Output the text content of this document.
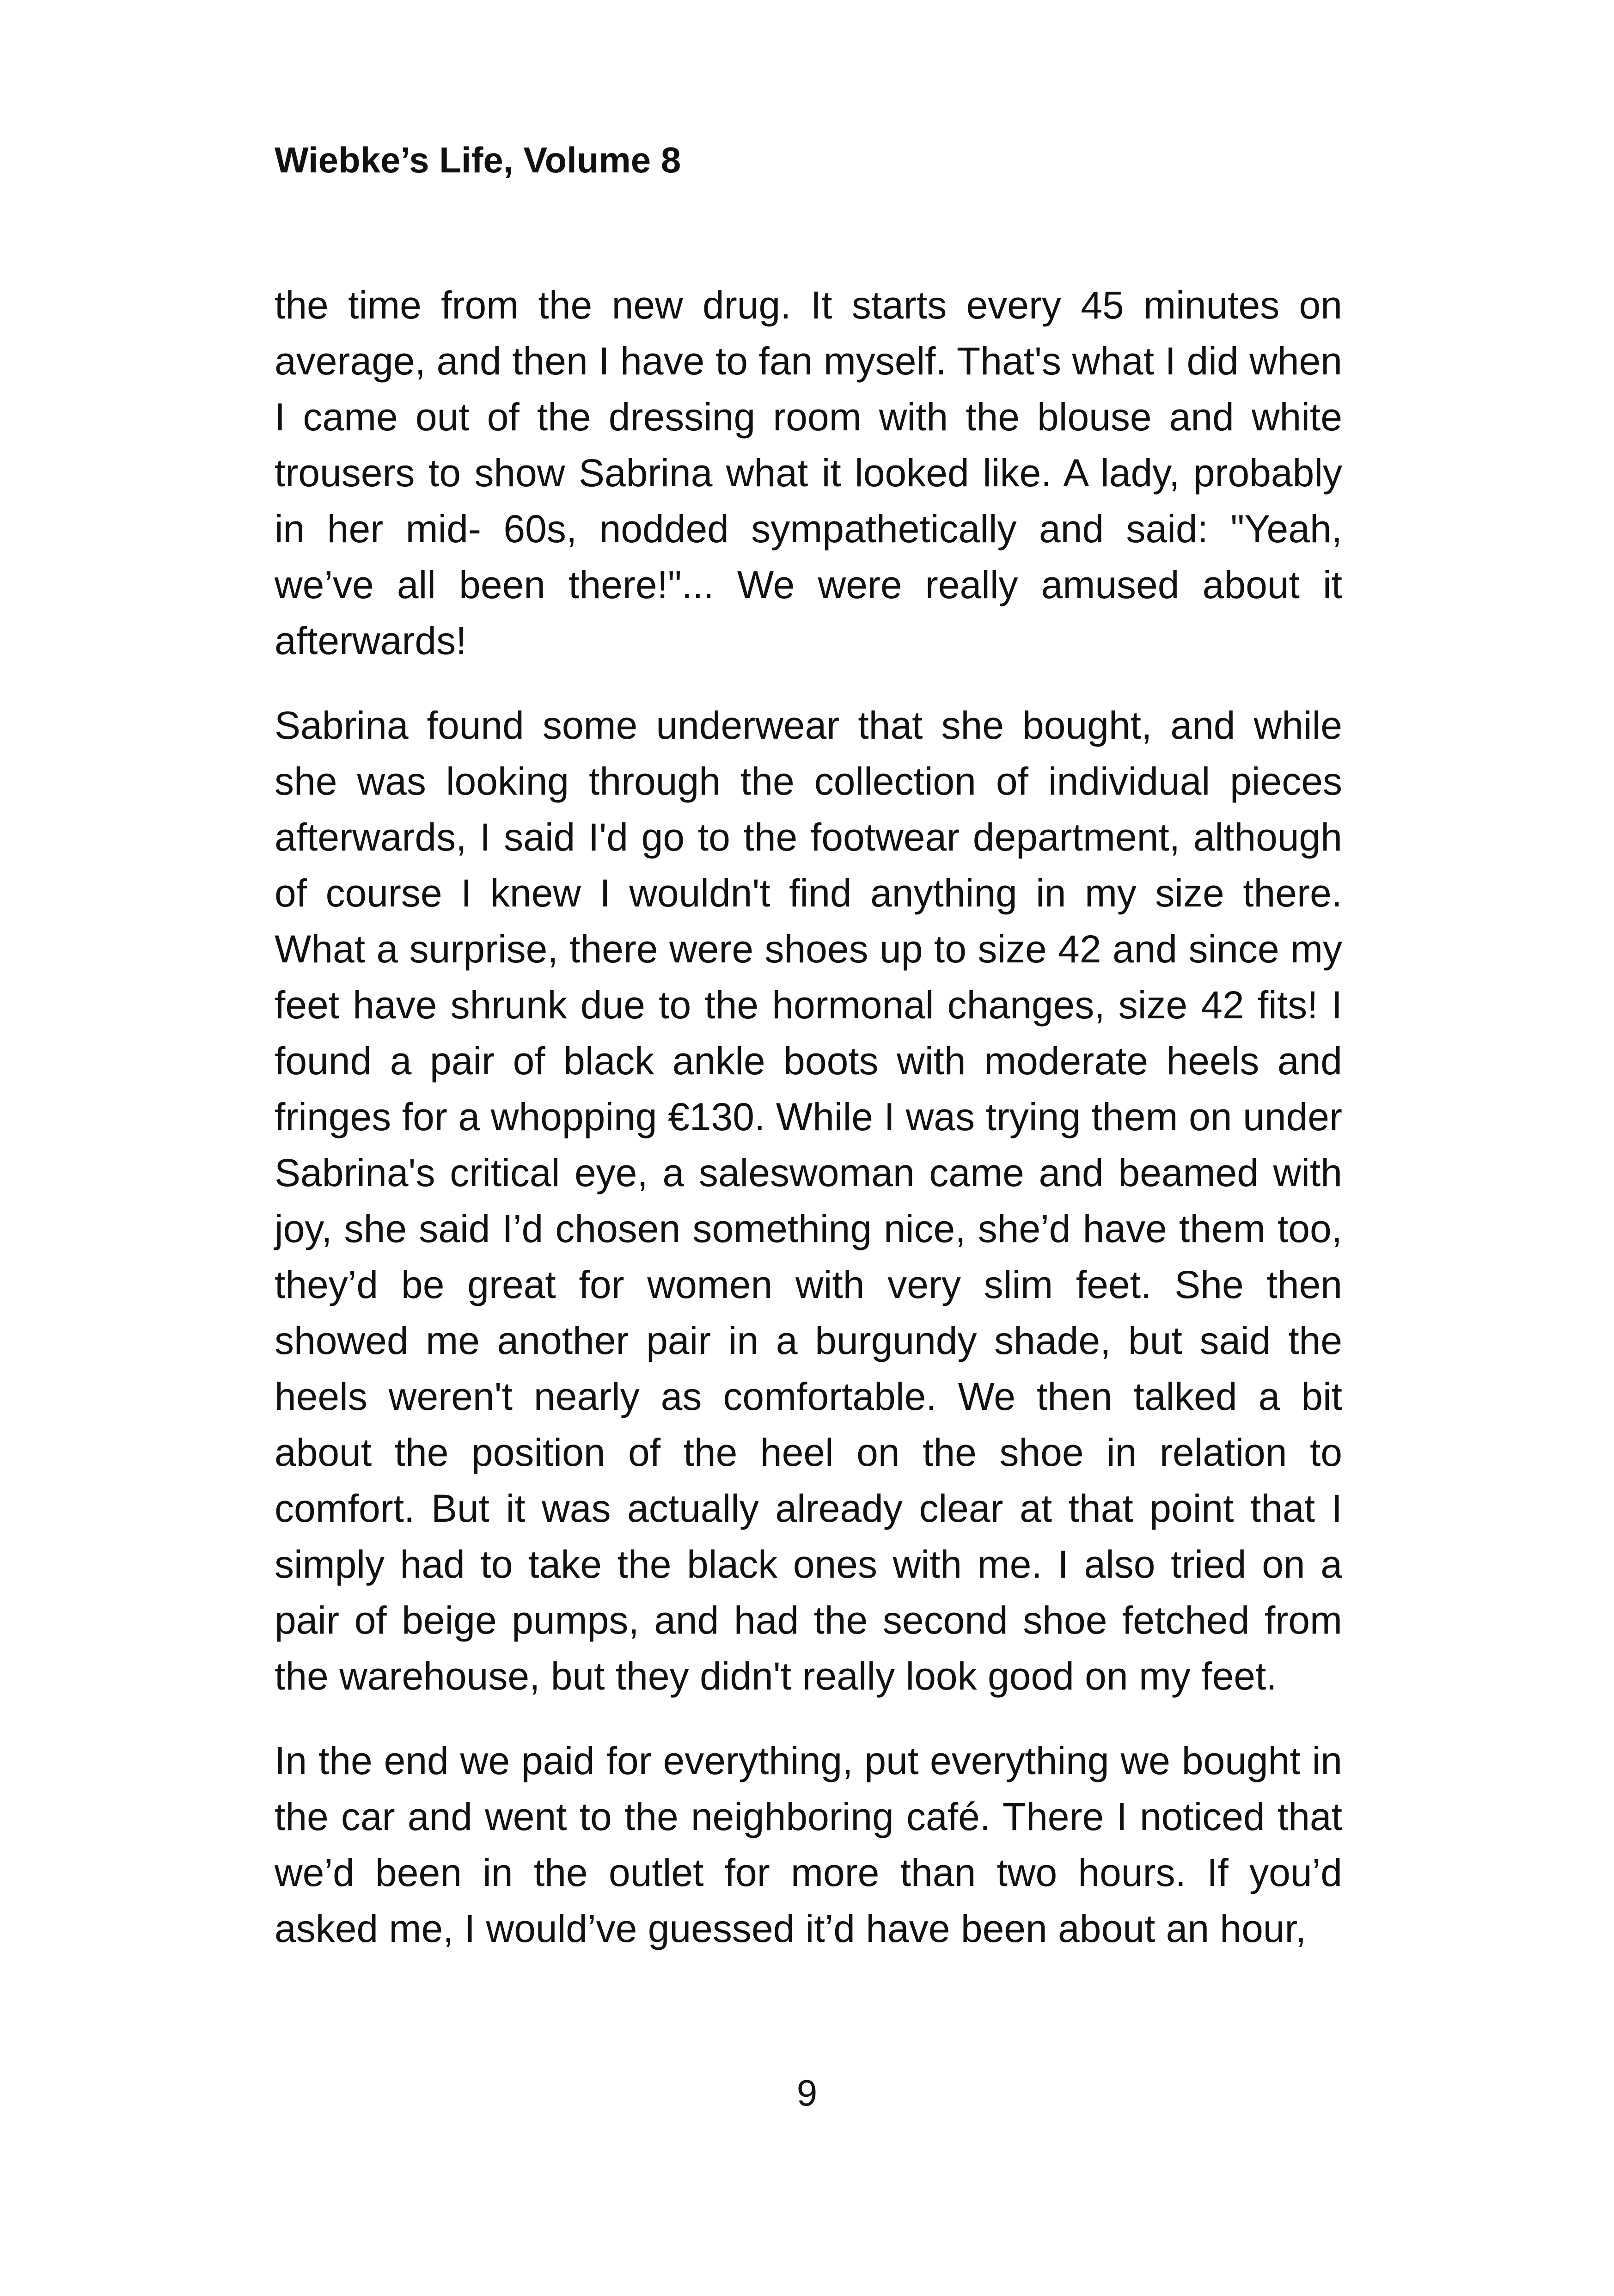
Wiebke’s Life, Volume 8

the time from the new drug. It starts every 45 minutes on average, and then I have to fan myself. That's what I did when I came out of the dressing room with the blouse and white trousers to show Sabrina what it looked like. A lady, probably in her mid- 60s, nodded sympathetically and said: "Yeah, we’ve all been there!"... We were really amused about it afterwards!

Sabrina found some underwear that she bought, and while she was looking through the collection of individual pieces afterwards, I said I'd go to the footwear department, although of course I knew I wouldn't find anything in my size there. What a surprise, there were shoes up to size 42 and since my feet have shrunk due to the hormonal changes, size 42 fits! I found a pair of black ankle boots with moderate heels and fringes for a whopping €130. While I was trying them on under Sabrina's critical eye, a saleswoman came and beamed with joy, she said I’d chosen something nice, she’d have them too, they’d be great for women with very slim feet. She then showed me another pair in a burgundy shade, but said the heels weren't nearly as comfortable. We then talked a bit about the position of the heel on the shoe in relation to comfort. But it was actually already clear at that point that I simply had to take the black ones with me. I also tried on a pair of beige pumps, and had the second shoe fetched from the warehouse, but they didn't really look good on my feet.

In the end we paid for everything, put everything we bought in the car and went to the neighboring café. There I noticed that we’d been in the outlet for more than two hours. If you’d asked me, I would’ve guessed it’d have been about an hour,

9
